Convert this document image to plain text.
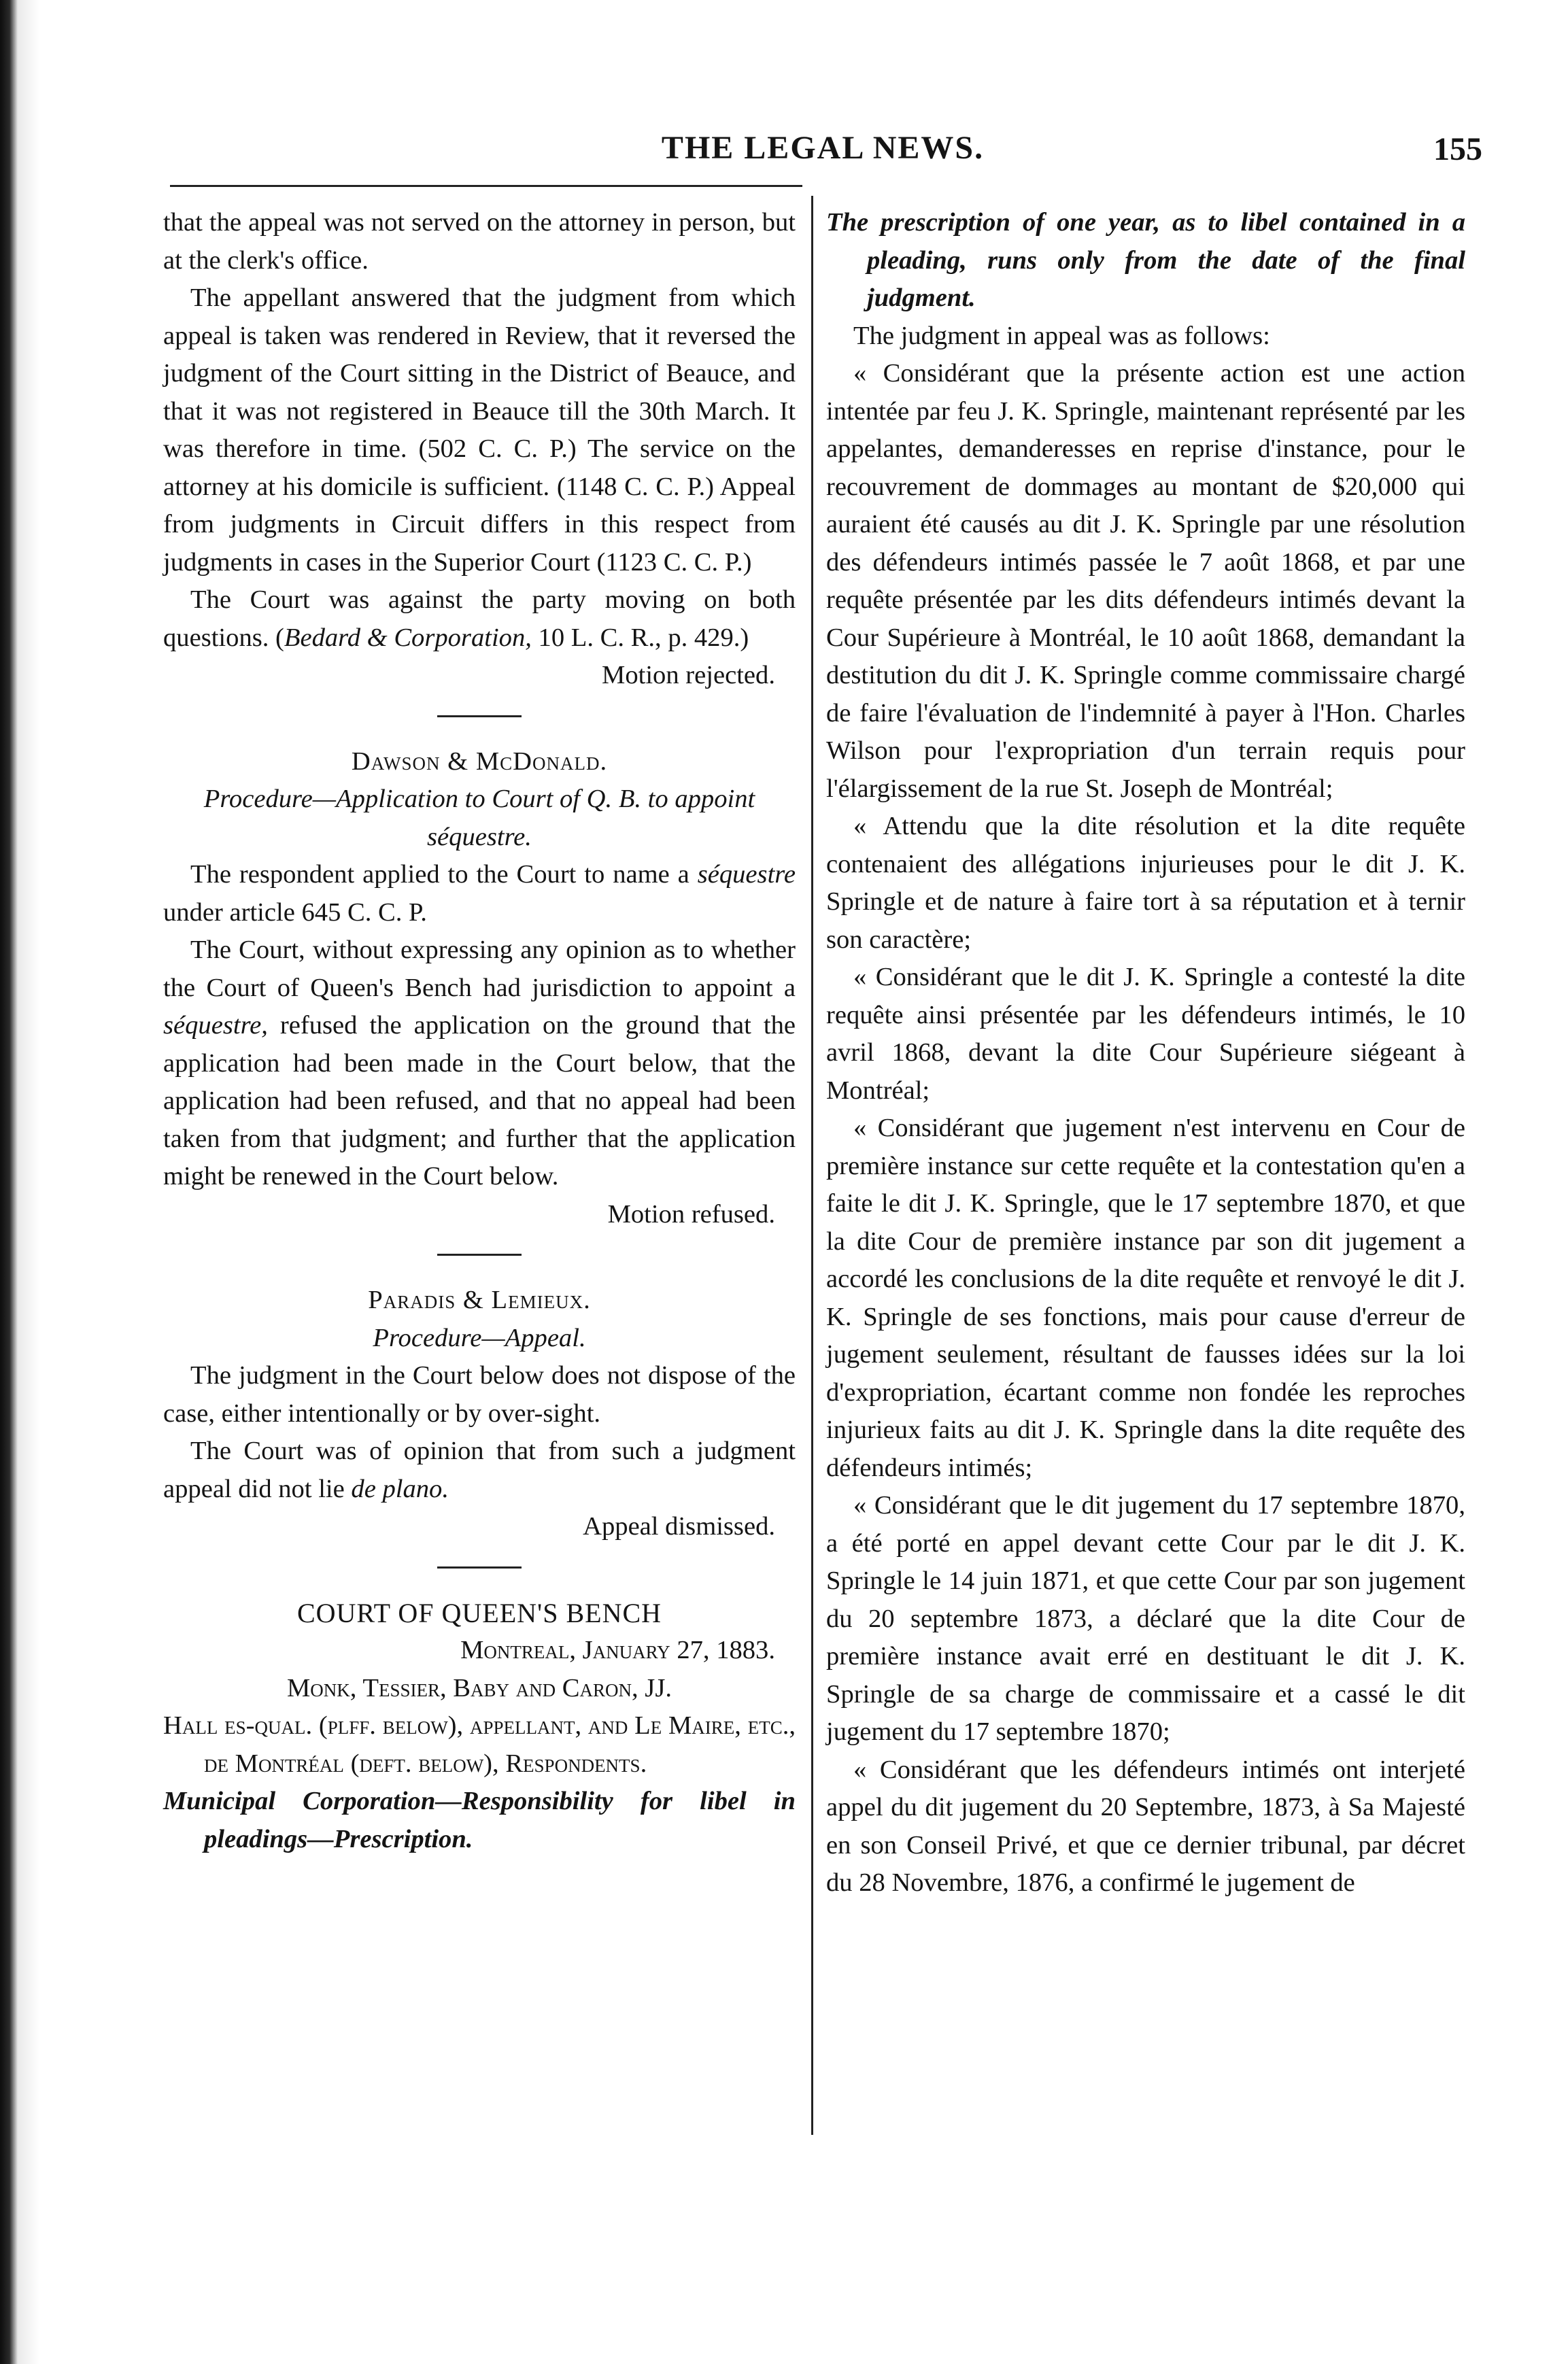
THE LEGAL NEWS.	155

that the appeal was not served on the attorney in person, but at the clerk's office.

The appellant answered that the judgment from which appeal is taken was rendered in Review, that it reversed the judgment of the Court sitting in the District of Beauce, and that it was not registered in Beauce till the 30th March. It was therefore in time. (502 C. C. P.) The service on the attorney at his domicile is sufficient. (1148 C. C. P.) Appeal from judgments in Circuit differs in this respect from judgments in cases in the Superior Court (1123 C. C. P.)

The Court was against the party moving on both questions. (Bedard & Corporation, 10 L. C. R., p. 429.)

Motion rejected.

Dawson & McDonald.

Procedure—Application to Court of Q. B. to appoint séquestre.

The respondent applied to the Court to name a séquestre under article 645 C. C. P.

The Court, without expressing any opinion as to whether the Court of Queen's Bench had jurisdiction to appoint a séquestre, refused the application on the ground that the application had been made in the Court below, that the application had been refused, and that no appeal had been taken from that judgment; and further that the application might be renewed in the Court below.

Motion refused.

Paradis & Lemieux.

Procedure—Appeal.

The judgment in the Court below does not dispose of the case, either intentionally or by over-sight.

The Court was of opinion that from such a judgment appeal did not lie de plano.

Appeal dismissed.

COURT OF QUEEN'S BENCH

Montreal, January 27, 1883.

Monk, Tessier, Baby and Caron, JJ.

Hall es-qual. (plff. below), appellant, and Le Maire, etc., de Montréal (deft. below), Respondents.

Municipal Corporation—Responsibility for libel in pleadings—Prescription.

The prescription of one year, as to libel contained in a pleading, runs only from the date of the final judgment.

The judgment in appeal was as follows:

« Considérant que la présente action est une action intentée par feu J. K. Springle, maintenant représenté par les appelantes, demanderesses en reprise d'instance, pour le recouvrement de dommages au montant de $20,000 qui auraient été causés au dit J. K. Springle par une résolution des défendeurs intimés passée le 7 août 1868, et par une requête présentée par les dits défendeurs intimés devant la Cour Supérieure à Montréal, le 10 août 1868, demandant la destitution du dit J. K. Springle comme commissaire chargé de faire l'évaluation de l'indemnité à payer à l'Hon. Charles Wilson pour l'expropriation d'un terrain requis pour l'élargissement de la rue St. Joseph de Montréal;

« Attendu que la dite résolution et la dite requête contenaient des allégations injurieuses pour le dit J. K. Springle et de nature à faire tort à sa réputation et à ternir son caractère;

« Considérant que le dit J. K. Springle a contesté la dite requête ainsi présentée par les défendeurs intimés, le 10 avril 1868, devant la dite Cour Supérieure siégeant à Montréal;

« Considérant que jugement n'est intervenu en Cour de première instance sur cette requête et la contestation qu'en a faite le dit J. K. Springle, que le 17 septembre 1870, et que la dite Cour de première instance par son dit jugement a accordé les conclusions de la dite requête et renvoyé le dit J. K. Springle de ses fonctions, mais pour cause d'erreur de jugement seulement, résultant de fausses idées sur la loi d'expropriation, écartant comme non fondée les reproches injurieux faits au dit J. K. Springle dans la dite requête des défendeurs intimés;

« Considérant que le dit jugement du 17 septembre 1870, a été porté en appel devant cette Cour par le dit J. K. Springle le 14 juin 1871, et que cette Cour par son jugement du 20 septembre 1873, a déclaré que la dite Cour de première instance avait erré en destituant le dit J. K. Springle de sa charge de commissaire et a cassé le dit jugement du 17 septembre 1870;

« Considérant que les défendeurs intimés ont interjeté appel du dit jugement du 20 Septembre, 1873, à Sa Majesté en son Conseil Privé, et que ce dernier tribunal, par décret du 28 Novembre, 1876, a confirmé le jugement de
